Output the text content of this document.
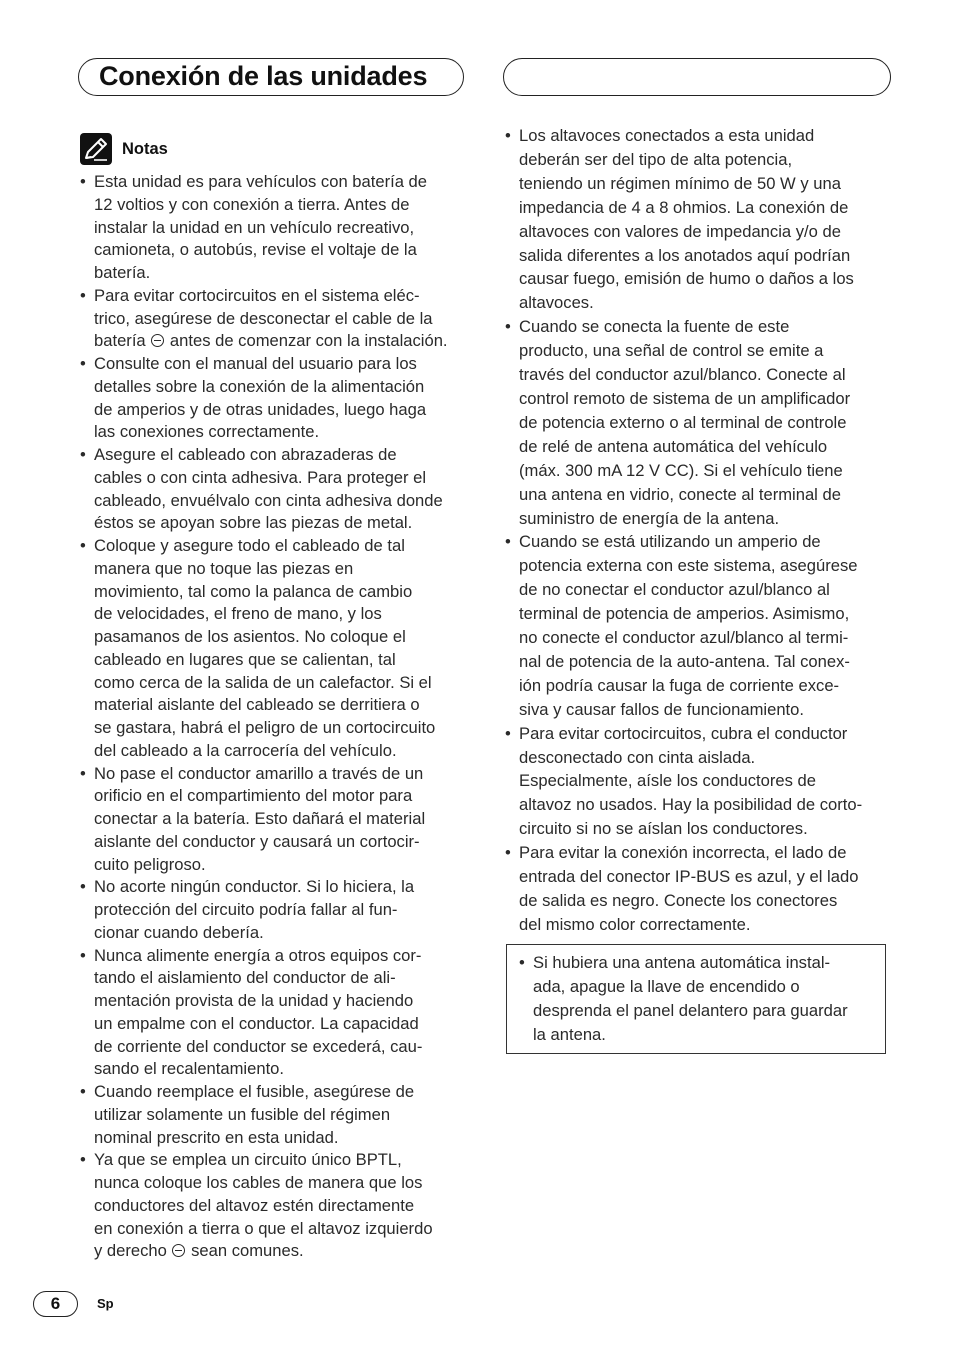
Conexión de las unidades
Notas
• Esta unidad es para vehículos con batería de
12 voltios y con conexión a tierra. Antes de
instalar la unidad en un vehículo recreativo,
camioneta, o autobús, revise el voltaje de la
batería.
• Para evitar cortocircuitos en el sistema eléc-
trico, asegúrese de desconectar el cable de la
batería  antes de comenzar con la instalación.
• Consulte con el manual del usuario para los
detalles sobre la conexión de la alimentación
de amperios y de otras unidades, luego haga
las conexiones correctamente.
• Asegure el cableado con abrazaderas de
cables o con cinta adhesiva. Para proteger el
cableado, envuélvalo con cinta adhesiva donde
éstos se apoyan sobre las piezas de metal.
• Coloque y asegure todo el cableado de tal
manera que no toque las piezas en
movimiento, tal como la palanca de cambio
de velocidades, el freno de mano, y los
pasamanos de los asientos. No coloque el
cableado en lugares que se calientan, tal
como cerca de la salida de un calefactor. Si el
material aislante del cableado se derritiera o
se gastara, habrá el peligro de un cortocircuito
del cableado a la carrocería del vehículo.
• No pase el conductor amarillo a través de un
orificio en el compartimiento del motor para
conectar a la batería. Esto dañará el material
aislante del conductor y causará un cortocir-
cuito peligroso.
• No acorte ningún conductor. Si lo hiciera, la
protección del circuito podría fallar al fun-
cionar cuando debería.
• Nunca alimente energía a otros equipos cor-
tando el aislamiento del conductor de ali-
mentación provista de la unidad y haciendo
un empalme con el conductor. La capacidad
de corriente del conductor se excederá, cau-
sando el recalentamiento.
• Cuando reemplace el fusible, asegúrese de
utilizar solamente un fusible del régimen
nominal prescrito en esta unidad.
• Ya que se emplea un circuito único BPTL,
nunca coloque los cables de manera que los
conductores del altavoz estén directamente
en conexión a tierra o que el altavoz izquierdo
y derecho  sean comunes.
• Los altavoces conectados a esta unidad
deberán ser del tipo de alta potencia,
teniendo un régimen mínimo de 50 W y una
impedancia de 4 a 8 ohmios. La conexión de
altavoces con valores de impedancia y/o de
salida diferentes a los anotados aquí podrían
causar fuego, emisión de humo o daños a los
altavoces.
• Cuando se conecta la fuente de este
producto, una señal de control se emite a
través del conductor azul/blanco. Conecte al
control remoto de sistema de un amplificador
de potencia externo o al terminal de controle
de relé de antena automática del vehículo
(máx. 300 mA 12 V CC). Si el vehículo tiene
una antena en vidrio, conecte al terminal de
suministro de energía de la antena.
• Cuando se está utilizando un amperio de
potencia externa con este sistema, asegúrese
de no conectar el conductor azul/blanco al
terminal de potencia de amperios. Asimismo,
no conecte el conductor azul/blanco al termi-
nal de potencia de la auto-antena. Tal conex-
ión podría causar la fuga de corriente exce-
siva y causar fallos de funcionamiento.
• Para evitar cortocircuitos, cubra el conductor
desconectado con cinta aislada.
Especialmente, aísle los conductores de
altavoz no usados. Hay la posibilidad de corto-
circuito si no se aíslan los conductores.
• Para evitar la conexión incorrecta, el lado de
entrada del conector IP-BUS es azul, y el lado
de salida es negro. Conecte los conectores
del mismo color correctamente.
• Si hubiera una antena automática instal-
ada, apague la llave de encendido o
desprenda el panel delantero para guardar
la antena.
6	Sp
